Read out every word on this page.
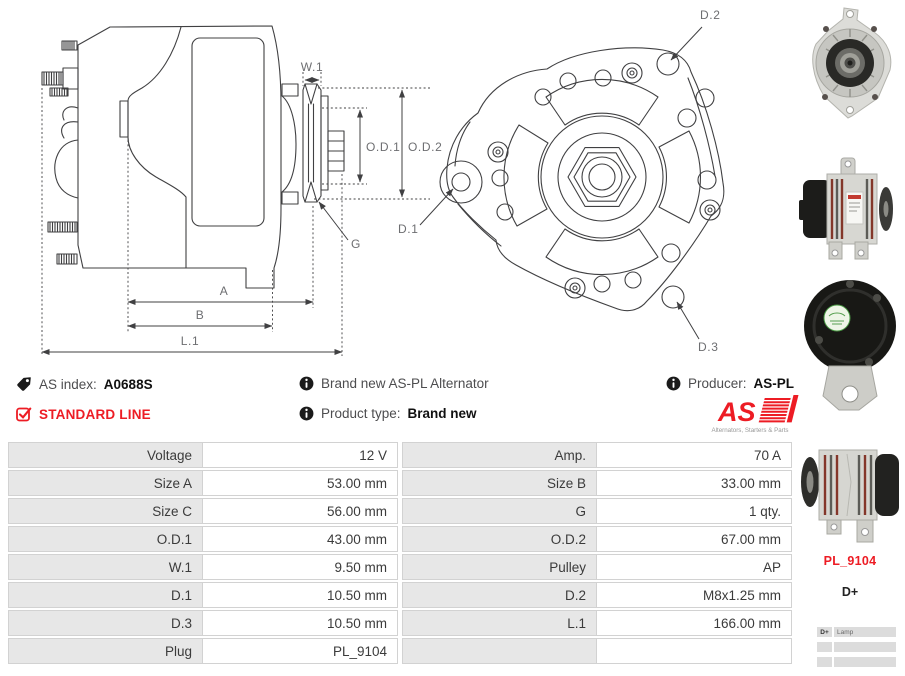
W.1
O.D.1 O.D.2
G
D.1
A
B
L.1
D.2
D.3
AS index: A0688S
STANDARD LINE
Brand new AS-PL Alternator
Product type: Brand new
Producer: AS-PL
AS
Alternators, Starters & Parts
Voltage	12 V	Amp.	70 A
Size A	53.00 mm	Size B	33.00 mm
Size C	56.00 mm	G	1 qty.
O.D.1	43.00 mm	O.D.2	67.00 mm
W.1	9.50 mm	Pulley	AP
D.1	10.50 mm	D.2	M8x1.25 mm
D.3	10.50 mm	L.1	166.00 mm
Plug	PL_9104
PL_9104
D+
D+	Lamp
